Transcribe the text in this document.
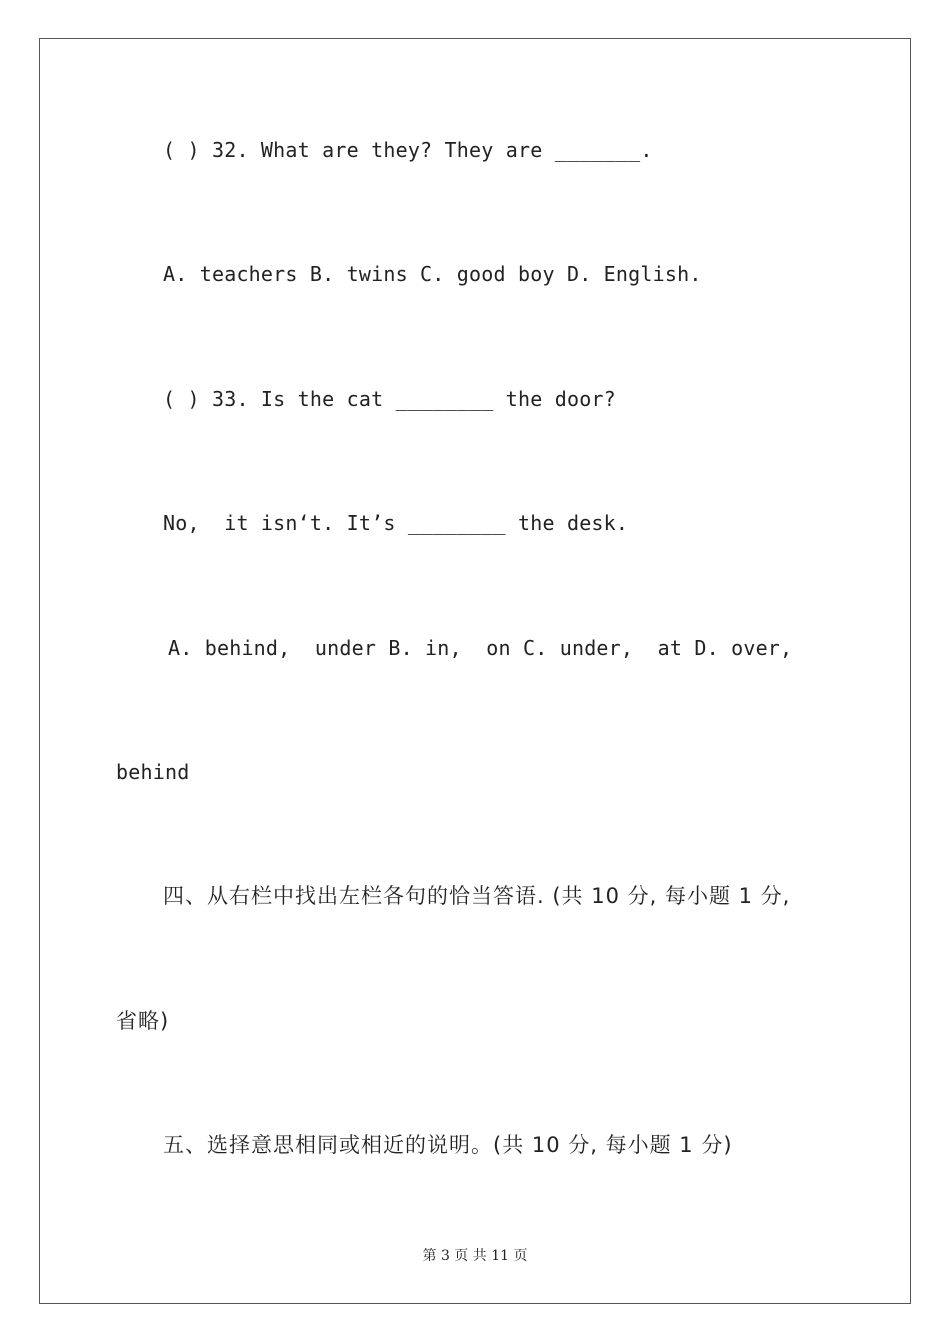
( ) 32. What are they? They are _______.
A. teachers B. twins C. good boy D. English.
( ) 33. Is the cat ________ the door?
No,  it isn‘t. It’s ________ the desk.
A. behind,  under B. in,  on C. under,  at D. over,
behind
四、从右栏中找出左栏各句的恰当答语. (共 10 分, 每小题 1 分,
省略)
五、选择意思相同或相近的说明。(共 10 分, 每小题 1 分)
第 3 页 共 11 页
